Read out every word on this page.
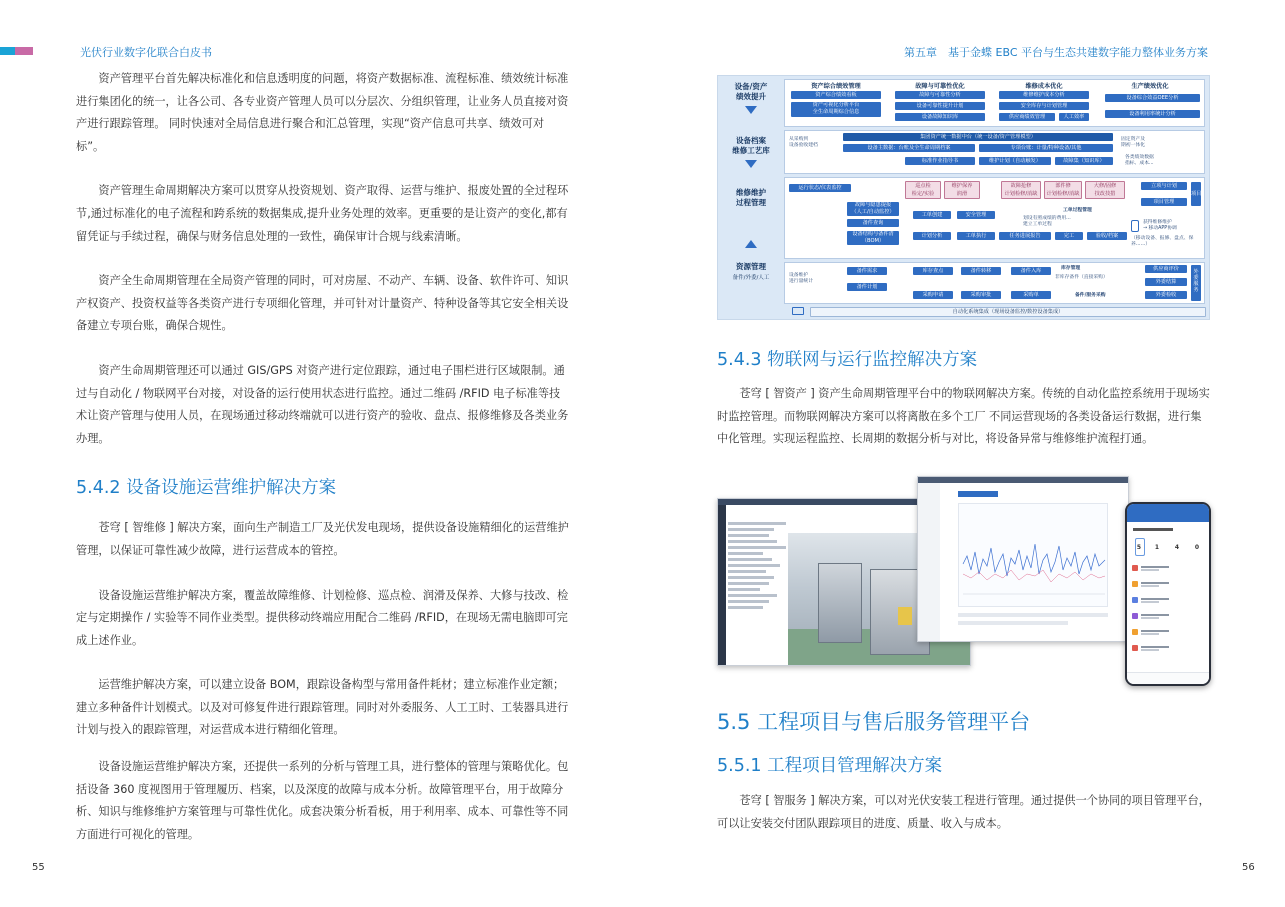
光伏行业数字化联合白皮书	第五章　基于金蝶 EBC 平台与生态共建数字能力整体业务方案

资产管理平台首先解决标准化和信息透明度的问题，将资产数据标准、流程标准、绩效统计标准进行集团化的统一，让各公司、各专业资产管理人员可以分层次、分组织管理，让业务人员直接对资产进行跟踪管理。 同时快速对全局信息进行聚合和汇总管理，实现“资产信息可共享、绩效可对标”。

资产管理生命周期解决方案可以贯穿从投资规划、资产取得、运营与维护、报废处置的全过程环节,通过标准化的电子流程和跨系统的数据集成,提升业务处理的效率。更重要的是让资产的变化,都有留凭证与手续过程，确保与财务信息处理的一致性，确保审计合规与线索清晰。

资产全生命周期管理在全局资产管理的同时，可对房屋、不动产、车辆、设备、软件许可、知识产权资产、投资权益等各类资产进行专项细化管理，并可针对计量资产、特种设备等其它安全相关设备建立专项台账，确保合规性。

资产生命周期管理还可以通过 GIS/GPS 对资产进行定位跟踪，通过电子围栏进行区域限制。通过与自动化 / 物联网平台对接，对设备的运行使用状态进行监控。通过二维码 /RFID 电子标准等技术让资产管理与使用人员，在现场通过移动终端就可以进行资产的验收、盘点、报修维修及各类业务办理。

5.4.2 设备设施运营维护解决方案

苍穹 [ 智维修 ] 解决方案，面向生产制造工厂及光伏发电现场，提供设备设施精细化的运营维护管理，以保证可靠性减少故障，进行运营成本的管控。

设备设施运营维护解决方案，覆盖故障维修、计划检修、巡点检、润滑及保养、大修与技改、检定与定期操作 / 实验等不同作业类型。提供移动终端应用配合二维码 /RFID，在现场无需电脑即可完成上述作业。

运营维护解决方案，可以建立设备 BOM，跟踪设备构型与常用备件耗材；建立标准作业定额；建立多种备件计划模式。以及对可修复件进行跟踪管理。同时对外委服务、人工工时、工装器具进行计划与投入的跟踪管理，对运营成本进行精细化管理。

设备设施运营维护解决方案，还提供一系列的分析与管理工具，进行整体的管理与策略优化。包括设备 360 度视图用于管理履历、档案，以及深度的故障与成本分析。故障管理平台，用于故障分析、知识与维修维护方案管理与可靠性优化。成套决策分析看板，用于利用率、成本、可靠性等不同方面进行可视化的管理。

55
设备/资产
绩效提升
设备档案
维修工艺库
维修维护
过程管理
资源管理
备件/外委/人工
资产综合绩效管理	故障与可靠性优化	维修成本优化	生产绩效优化
资产综合绩效看板
资产可视化分析平台
全生命周期综合信息
故障与可靠性分析
设备可靠性提升计划
设备故障知识库
维修维护成本分析
安全库存与计划管理
供应商绩效管理	人工效率
设备综合效益OEE分析
设备利用率统计分析
从采购到
设备验收建档
集团资产统一数据中台（统一设备/资产管理模型）
设备主数据：台账及全生命周期档案	专项台账：计量/特种设备/其他
标准作业指导书	维护计划（自动触发）	故障集（知识库）
固定资产及
期初一体化
各类绩效数据
指标、成本...
运行状态/仪表监控
故障与隐患提报
（人工/自动监控）
备件查询
设备结构与备件清
（BOM）
巡点检
检定/实验
维护保养
润滑
故障抢修
计划检修/消缺
部件修
计划检修/消缺
大修/固修
技改技措
工单创建	安全管理
工单过程管理
划设有照成绩的费用...
建立工单过程
计划分析	工单执行	任务进展报告	完工	验收/档案
立项与计划
项目管理
项目
获得维修维护
→ 移动APP协调
（移动设备、报修、盘点、保养……）
设备维护
进行量统计
备件需求
备件计划
库存查点	备件转移	备件入库	库存管理
非库存备件（直接采购）
采购申请	采购审批	采购单	备件/服务采购
供应商评价
外委结算
外委检收
外委服务
自动化系统集成（现场设备监控/数控设备集成）
5.4.3 物联网与运行监控解决方案

苍穹 [ 智资产 ] 资产生命周期管理平台中的物联网解决方案。传统的自动化监控系统用于现场实时监控管理。而物联网解决方案可以将离散在多个工厂 不同运营现场的各类设备运行数据，进行集中化管理。实现运程监控、长周期的数据分析与对比，将设备异常与维修维护流程打通。

5	1	4	0
5.5 工程项目与售后服务管理平台
5.5.1 工程项目管理解决方案

苍穹 [ 智服务 ] 解决方案，可以对光伏安装工程进行管理。通过提供一个协同的项目管理平台，可以让安装交付团队跟踪项目的进度、质量、收入与成本。

56
